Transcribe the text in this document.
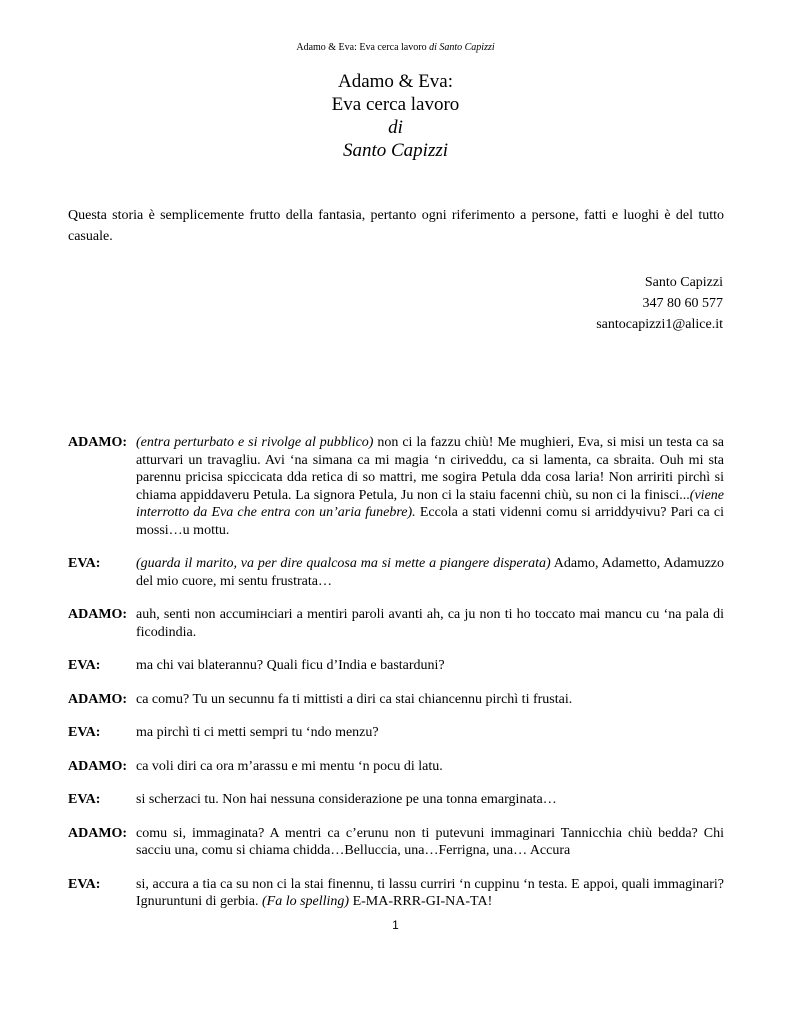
Adamo & Eva: Eva cerca lavoro di Santo Capizzi
Adamo & Eva:
Eva cerca lavoro
di
Santo Capizzi

Questa storia è semplicemente frutto della fantasia, pertanto ogni riferimento a persone, fatti e luoghi è del tutto casuale.

Santo Capizzi
347 80 60 577
santocapizzi1@alice.it
ADAMO: (entra perturbato e si rivolge al pubblico) non ci la fazzu chiù! Me mughieri, Eva, si misi un testa ca sa atturvari un travagliu. Avi ‘na simana ca mi magia ‘n ciriveddu, ca si lamenta, ca sbraita. Ouh mi sta parennu pricisa spiccicata dda retica di so mattri, me sogira Petula dda cosa laria! Non arririti pirchì si chiama appiddaveru Petula. La signora Petula, Ju non ci la staiu facenni chiù, su non ci la finisci...(viene interrotto da Eva che entra con un’aria funebre). Eccola a stati videnni comu si arriddучivu? Pari ca ci mossi…u mottu.
EVA:	(guarda il marito, va per dire qualcosa ma si mette a piangere disperata) Adamo, Adametto, Adamuzzo del mio cuore, mi sentu frustrata…
ADAMO: auh, senti non accumінciari a mentiri paroli avanti ah, ca ju non ti ho toccato mai mancu cu ‘na pala di ficodindia.
EVA:	ma chi vai blaterannu? Quali ficu d’India e bastarduni?
ADAMO: ca comu? Tu un secunnu fa ti mittisti a diri ca stai chiancennu pirchì ti frustai.
EVA:	ma pirchì ti ci metti sempri tu ‘ndo menzu?
ADAMO: ca voli diri ca ora m’arassu e mi mentu ‘n pocu di latu.
EVA:	si scherzaci tu. Non hai nessuna considerazione pe una tonna emarginata…
ADAMO: comu si, immaginata? A mentri ca c’erunu non ti putevuni immaginari Tannicchia chiù bedda? Chi sacciu una, comu si chiama chidda…Belluccia, una…Ferrigna, una… Accura
EVA:	si, accura a tia ca su non ci la stai finennu, ti lassu curriri ‘n cuppinu ‘n testa. E appoi, quali immaginari? Ignuruntuni di gerbia. (Fa lo spelling) E-MA-RRR-GI-NA-TA!
1
